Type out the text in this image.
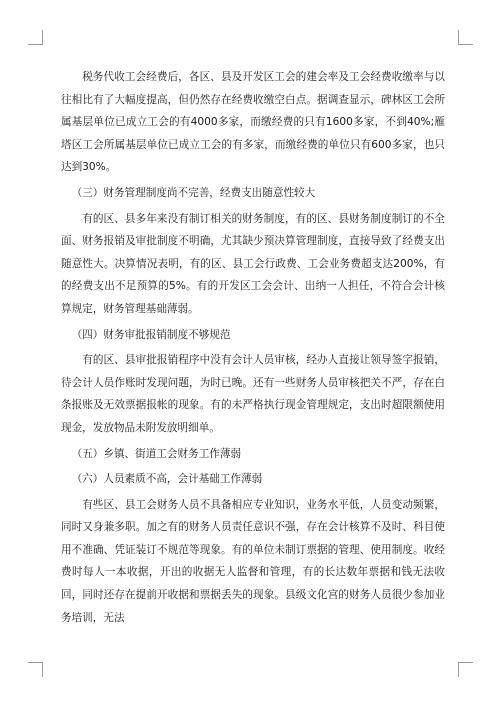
税务代收工会经费后，各区、县及开发区工会的建会率及工会经费收缴率与以往相比有了大幅度提高，但仍然存在经费收缴空白点。据调查显示，碑林区工会所属基层单位已成立工会的有4000多家，而缴经费的只有1600多家，不到40%;雁塔区工会所属基层单位已成立工会的有多家，而缴经费的单位只有600多家，也只达到30%。

（三）财务管理制度尚不完善，经费支出随意性较大

有的区、县多年来没有制订相关的财务制度，有的区、县财务制度制订的不全面、财务报销及审批制度不明确，尤其缺少预决算管理制度，直接导致了经费支出随意性大。决算情况表明，有的区、县工会行政费、工会业务费超支达200%，有的经费支出不足预算的5%。有的开发区工会会计、出纳一人担任，不符合会计核算规定，财务管理基础薄弱。

（四）财务审批报销制度不够规范

有的区、县审批报销程序中没有会计人员审核，经办人直接让领导签字报销，待会计人员作账时发现问题，为时已晚。还有一些财务人员审核把关不严，存在白条报账及无效票据报帐的现象。有的未严格执行现金管理规定，支出时超限额使用现金，发放物品未附发放明细单。

（五）乡镇、街道工会财务工作薄弱

（六）人员素质不高，会计基础工作薄弱

有些区、县工会财务人员不具备相应专业知识，业务水平低，人员变动频繁，同时又身兼多职。加之有的财务人员责任意识不强，存在会计核算不及时、科目使用不准确、凭证装订不规范等现象。有的单位未制订票据的管理、使用制度。收经费时每人一本收据，开出的收据无人监督和管理，有的长达数年票据和钱无法收回，同时还存在提前开收据和票据丢失的现象。县级文化宫的财务人员很少参加业务培训，无法
